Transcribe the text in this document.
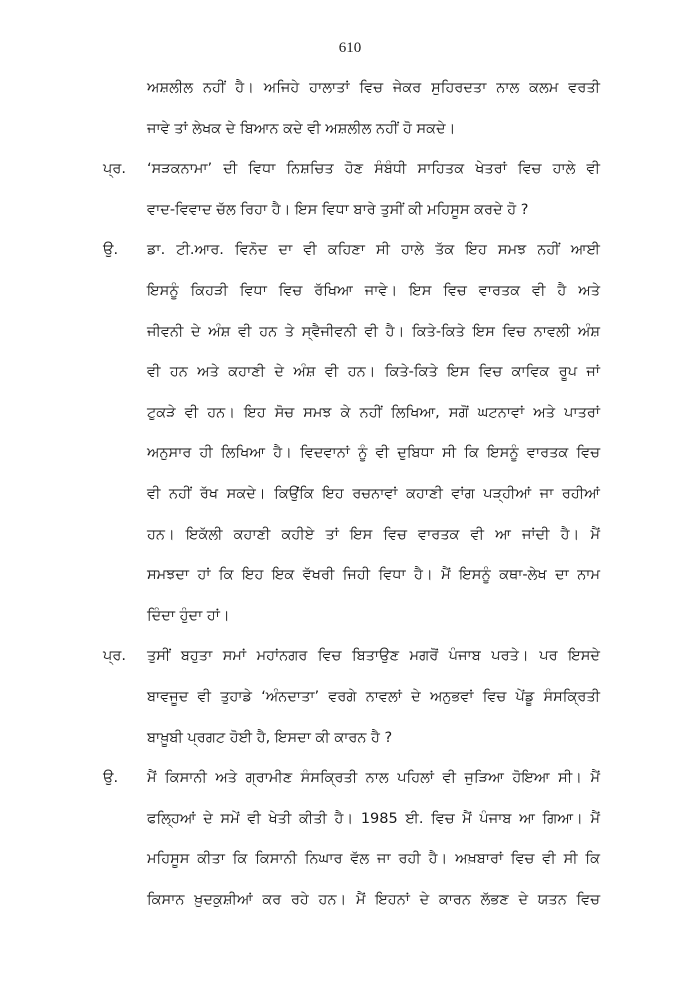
610
ਅਸ਼ਲੀਲ ਨਹੀਂ ਹੈ। ਅਜਿਹੇ ਹਾਲਾਤਾਂ ਵਿਚ ਜੇਕਰ ਸੁਹਿਰਦਤਾ ਨਾਲ ਕਲਮ ਵਰਤੀ
ਜਾਵੇ ਤਾਂ ਲੇਖਕ ਦੇ ਬਿਆਨ ਕਦੇ ਵੀ ਅਸ਼ਲੀਲ ਨਹੀਂ ਹੋ ਸਕਦੇ।
ਪ੍ਰ.	‘ਸੜਕਨਾਮਾ’ ਦੀ ਵਿਧਾ ਨਿਸ਼ਚਿਤ ਹੋਣ ਸੰਬੰਧੀ ਸਾਹਿਤਕ ਖੇਤਰਾਂ ਵਿਚ ਹਾਲੇ ਵੀ
ਵਾਦ-ਵਿਵਾਦ ਚੱਲ ਰਿਹਾ ਹੈ। ਇਸ ਵਿਧਾ ਬਾਰੇ ਤੁਸੀਂ ਕੀ ਮਹਿਸੂਸ ਕਰਦੇ ਹੋ ?
ਉ.	ਡਾ. ਟੀ.ਆਰ. ਵਿਨੋਦ ਦਾ ਵੀ ਕਹਿਣਾ ਸੀ ਹਾਲੇ ਤੱਕ ਇਹ ਸਮਝ ਨਹੀਂ ਆਈ
ਇਸਨੂੰ ਕਿਹੜੀ ਵਿਧਾ ਵਿਚ ਰੱਖਿਆ ਜਾਵੇ। ਇਸ ਵਿਚ ਵਾਰਤਕ ਵੀ ਹੈ ਅਤੇ
ਜੀਵਨੀ ਦੇ ਅੰਸ਼ ਵੀ ਹਨ ਤੇ ਸ੍ਵੈਜੀਵਨੀ ਵੀ ਹੈ। ਕਿਤੇ-ਕਿਤੇ ਇਸ ਵਿਚ ਨਾਵਲੀ ਅੰਸ਼
ਵੀ ਹਨ ਅਤੇ ਕਹਾਣੀ ਦੇ ਅੰਸ਼ ਵੀ ਹਨ। ਕਿਤੇ-ਕਿਤੇ ਇਸ ਵਿਚ ਕਾਵਿਕ ਰੂਪ ਜਾਂ
ਟੁਕੜੇ ਵੀ ਹਨ। ਇਹ ਸੋਚ ਸਮਝ ਕੇ ਨਹੀਂ ਲਿਖਿਆ, ਸਗੋਂ ਘਟਨਾਵਾਂ ਅਤੇ ਪਾਤਰਾਂ
ਅਨੁਸਾਰ ਹੀ ਲਿਖਿਆ ਹੈ। ਵਿਦਵਾਨਾਂ ਨੂੰ ਵੀ ਦੁਬਿਧਾ ਸੀ ਕਿ ਇਸਨੂੰ ਵਾਰਤਕ ਵਿਚ
ਵੀ ਨਹੀਂ ਰੱਖ ਸਕਦੇ। ਕਿਉਂਕਿ ਇਹ ਰਚਨਾਵਾਂ ਕਹਾਣੀ ਵਾਂਗ ਪੜ੍ਹੀਆਂ ਜਾ ਰਹੀਆਂ
ਹਨ। ਇਕੱਲੀ ਕਹਾਣੀ ਕਹੀਏ ਤਾਂ ਇਸ ਵਿਚ ਵਾਰਤਕ ਵੀ ਆ ਜਾਂਦੀ ਹੈ। ਮੈਂ
ਸਮਝਦਾ ਹਾਂ ਕਿ ਇਹ ਇਕ ਵੱਖਰੀ ਜਿਹੀ ਵਿਧਾ ਹੈ। ਮੈਂ ਇਸਨੂੰ ਕਥਾ-ਲੇਖ ਦਾ ਨਾਮ
ਦਿੰਦਾ ਹੁੰਦਾ ਹਾਂ।
ਪ੍ਰ.	ਤੁਸੀਂ ਬਹੁਤਾ ਸਮਾਂ ਮਹਾਂਨਗਰ ਵਿਚ ਬਿਤਾਉਣ ਮਗਰੋਂ ਪੰਜਾਬ ਪਰਤੇ। ਪਰ ਇਸਦੇ
ਬਾਵਜੂਦ ਵੀ ਤੁਹਾਡੇ ‘ਅੰਨਦਾਤਾ’ ਵਰਗੇ ਨਾਵਲਾਂ ਦੇ ਅਨੁਭਵਾਂ ਵਿਚ ਪੇਂਡੂ ਸੰਸਕ੍ਰਿਤੀ
ਬਾਖ਼ੂਬੀ ਪ੍ਰਗਟ ਹੋਈ ਹੈ, ਇਸਦਾ ਕੀ ਕਾਰਨ ਹੈ ?
ਉ.	ਮੈਂ ਕਿਸਾਨੀ ਅਤੇ ਗ੍ਰਾਮੀਣ ਸੰਸਕ੍ਰਿਤੀ ਨਾਲ ਪਹਿਲਾਂ ਵੀ ਜੁੜਿਆ ਹੋਇਆ ਸੀ। ਮੈਂ
ਫਲ੍ਹਿਆਂ ਦੇ ਸਮੇਂ ਵੀ ਖੇਤੀ ਕੀਤੀ ਹੈ। 1985 ਈ. ਵਿਚ ਮੈਂ ਪੰਜਾਬ ਆ ਗਿਆ। ਮੈਂ
ਮਹਿਸੂਸ ਕੀਤਾ ਕਿ ਕਿਸਾਨੀ ਨਿਘਾਰ ਵੱਲ ਜਾ ਰਹੀ ਹੈ। ਅਖ਼ਬਾਰਾਂ ਵਿਚ ਵੀ ਸੀ ਕਿ
ਕਿਸਾਨ ਖ਼ੁਦਕੁਸ਼ੀਆਂ ਕਰ ਰਹੇ ਹਨ। ਮੈਂ ਇਹਨਾਂ ਦੇ ਕਾਰਨ ਲੱਭਣ ਦੇ ਯਤਨ ਵਿਚ
